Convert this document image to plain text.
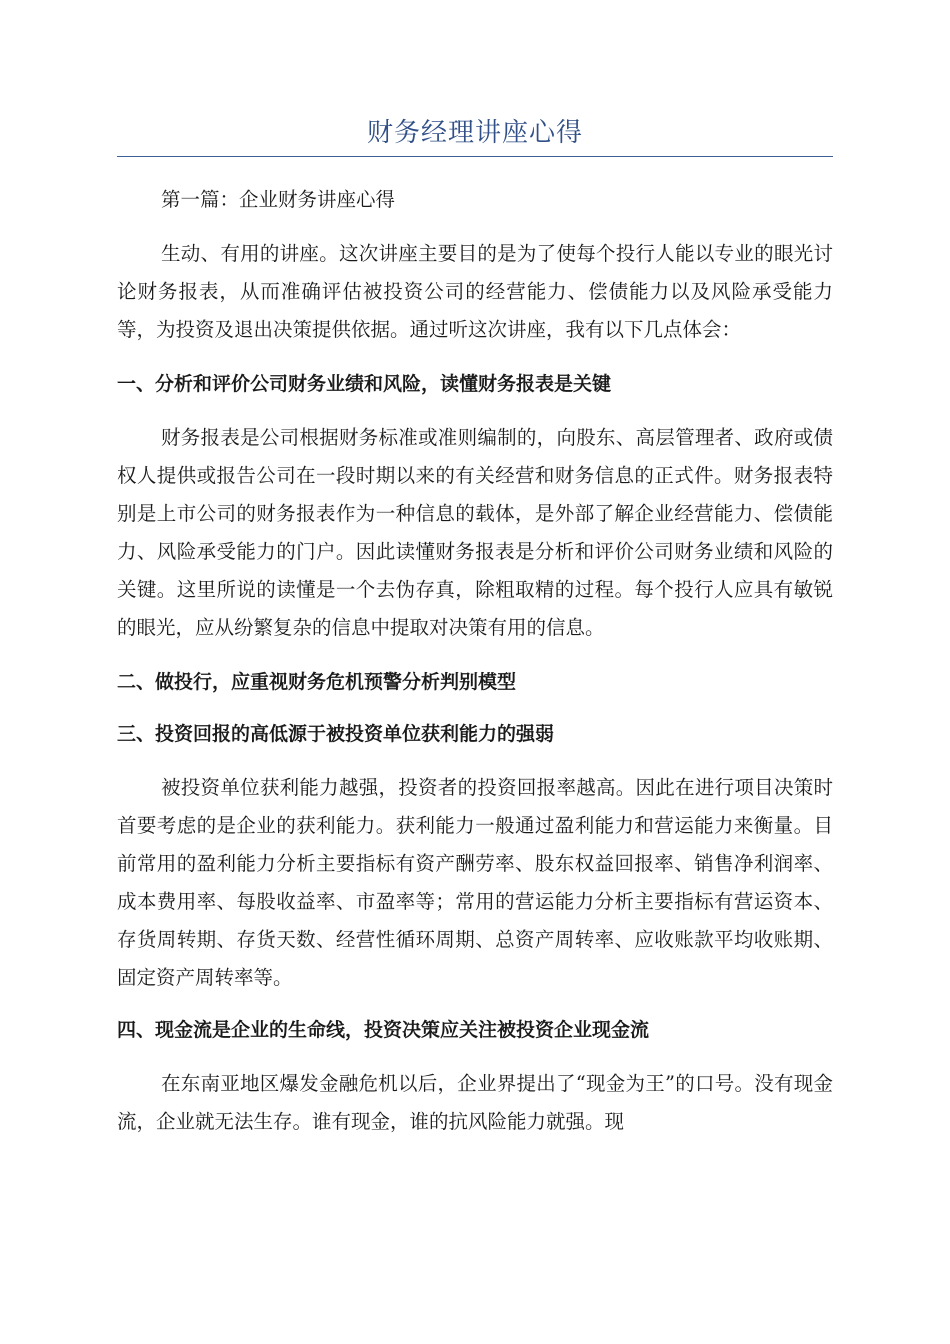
财务经理讲座心得

第一篇：企业财务讲座心得

生动、有用的讲座。这次讲座主要目的是为了使每个投行人能以专业的眼光讨论财务报表，从而准确评估被投资公司的经营能力、偿债能力以及风险承受能力等，为投资及退出决策提供依据。通过听这次讲座，我有以下几点体会：

一、分析和评价公司财务业绩和风险，读懂财务报表是关键

财务报表是公司根据财务标准或准则编制的，向股东、高层管理者、政府或债权人提供或报告公司在一段时期以来的有关经营和财务信息的正式件。财务报表特别是上市公司的财务报表作为一种信息的载体，是外部了解企业经营能力、偿债能力、风险承受能力的门户。因此读懂财务报表是分析和评价公司财务业绩和风险的关键。这里所说的读懂是一个去伪存真，除粗取精的过程。每个投行人应具有敏锐的眼光，应从纷繁复杂的信息中提取对决策有用的信息。

二、做投行，应重视财务危机预警分析判别模型

三、投资回报的高低源于被投资单位获利能力的强弱

被投资单位获利能力越强，投资者的投资回报率越高。因此在进行项目决策时首要考虑的是企业的获利能力。获利能力一般通过盈利能力和营运能力来衡量。目前常用的盈利能力分析主要指标有资产酬劳率、股东权益回报率、销售净利润率、成本费用率、每股收益率、市盈率等；常用的营运能力分析主要指标有营运资本、存货周转期、存货天数、经营性循环周期、总资产周转率、应收账款平均收账期、固定资产周转率等。

四、现金流是企业的生命线，投资决策应关注被投资企业现金流

在东南亚地区爆发金融危机以后，企业界提出了“现金为王”的口号。没有现金流，企业就无法生存。谁有现金，谁的抗风险能力就强。现
